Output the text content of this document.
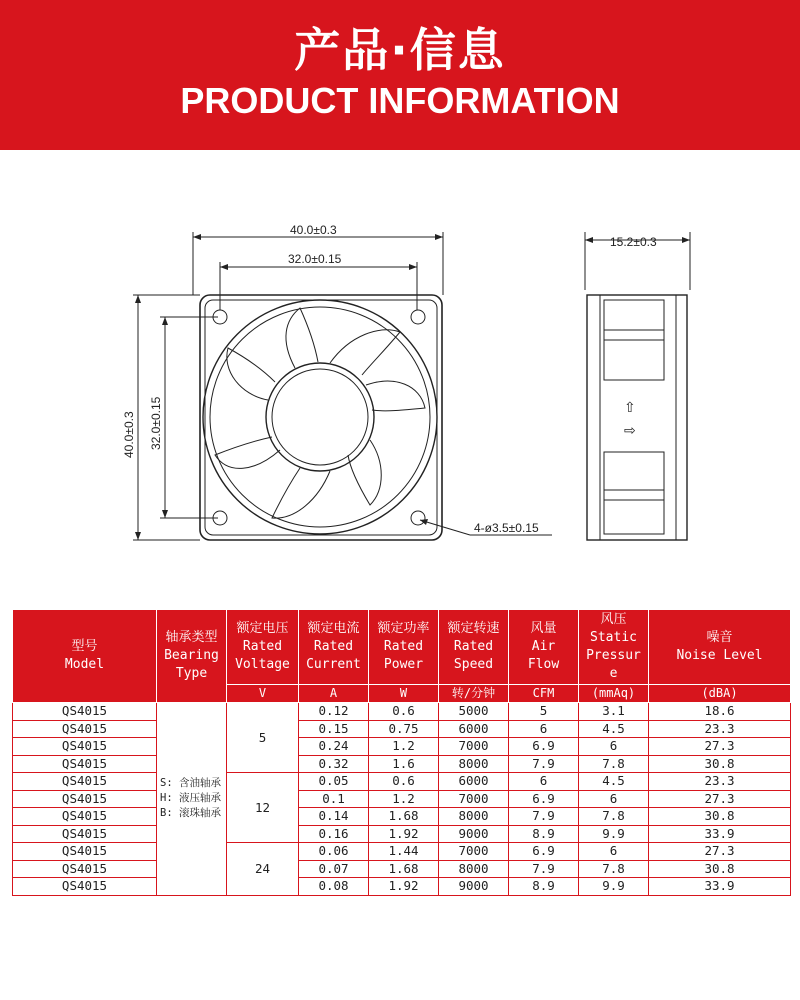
产品·信息
PRODUCT INFORMATION
40.0±0.3
32.0±0.15
40.0±0.3 32.0±0.15
15.2±0.3
4-ø3.5±0.15
⇧
⇨
型号
Model	轴承类型
Bearing
Type	额定电压
Rated
Voltage	额定电流
Rated
Current	额定功率
Rated
Power	额定转速
Rated
Speed	风量
Air
Flow	风压
Static
Pressur
e	噪音
Noise Level
		V	A	W	转/分钟	CFM	(mmAq)	(dBA)
QS4015	S: 含油轴承
H: 液压轴承
B: 滚珠轴承	5	0.12	0.6	5000	5	3.1	18.6
QS4015			0.15	0.75	6000	6	4.5	23.3
QS4015			0.24	1.2	7000	6.9	6	27.3
QS4015			0.32	1.6	8000	7.9	7.8	30.8
QS4015		12	0.05	0.6	6000	6	4.5	23.3
QS4015			0.1	1.2	7000	6.9	6	27.3
QS4015			0.14	1.68	8000	7.9	7.8	30.8
QS4015			0.16	1.92	9000	8.9	9.9	33.9
QS4015		24	0.06	1.44	7000	6.9	6	27.3
QS4015			0.07	1.68	8000	7.9	7.8	30.8
QS4015			0.08	1.92	9000	8.9	9.9	33.9
